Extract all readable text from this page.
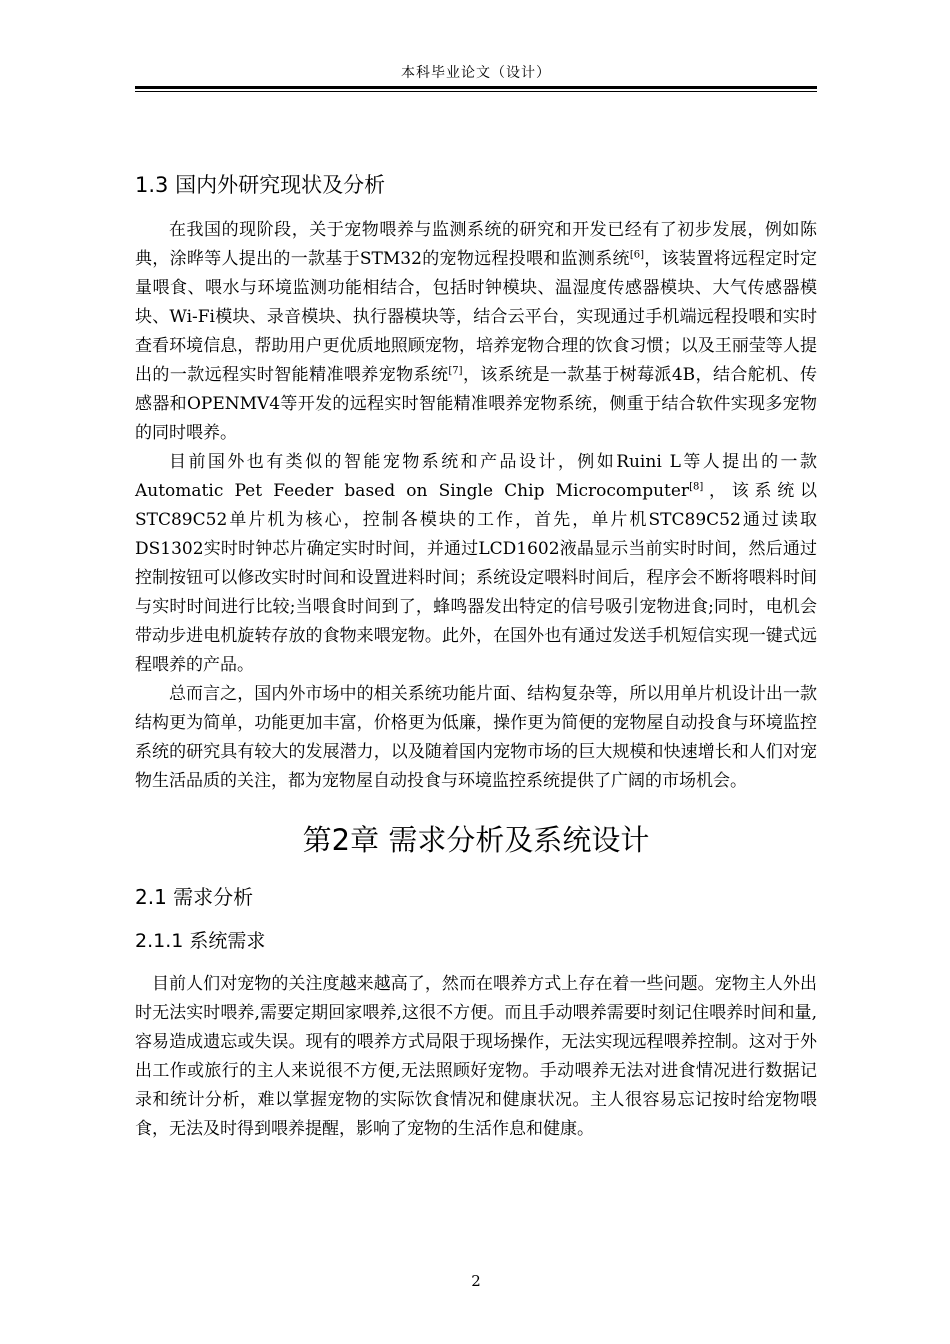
本科毕业论文（设计）
1.3 国内外研究现状及分析

在我国的现阶段，关于宠物喂养与监测系统的研究和开发已经有了初步发展，例如陈典，涂晔等人提出的一款基于STM32的宠物远程投喂和监测系统[6]，该装置将远程定时定量喂食、喂水与环境监测功能相结合，包括时钟模块、温湿度传感器模块、大气传感器模块、Wi-Fi模块、录音模块、执行器模块等，结合云平台，实现通过手机端远程投喂和实时查看环境信息，帮助用户更优质地照顾宠物，培养宠物合理的饮食习惯；以及王丽莹等人提出的一款远程实时智能精准喂养宠物系统[7]，该系统是一款基于树莓派4B，结合舵机、传感器和OPENMV4等开发的远程实时智能精准喂养宠物系统，侧重于结合软件实现多宠物的同时喂养。

目前国外也有类似的智能宠物系统和产品设计，例如Ruini L等人提出的一款Automatic Pet Feeder based on Single Chip Microcomputer[8]，该系统以STC89C52单片机为核心，控制各模块的工作，首先，单片机STC89C52通过读取DS1302实时时钟芯片确定实时时间，并通过LCD1602液晶显示当前实时时间，然后通过控制按钮可以修改实时时间和设置进料时间；系统设定喂料时间后，程序会不断将喂料时间与实时时间进行比较;当喂食时间到了，蜂鸣器发出特定的信号吸引宠物进食;同时，电机会带动步进电机旋转存放的食物来喂宠物。此外，在国外也有通过发送手机短信实现一键式远程喂养的产品。

总而言之，国内外市场中的相关系统功能片面、结构复杂等，所以用单片机设计出一款结构更为简单，功能更加丰富，价格更为低廉，操作更为简便的宠物屋自动投食与环境监控系统的研究具有较大的发展潜力，以及随着国内宠物市场的巨大规模和快速增长和人们对宠物生活品质的关注，都为宠物屋自动投食与环境监控系统提供了广阔的市场机会。

第2章 需求分析及系统设计
2.1 需求分析
2.1.1 系统需求

目前人们对宠物的关注度越来越高了，然而在喂养方式上存在着一些问题。宠物主人外出时无法实时喂养,需要定期回家喂养,这很不方便。而且手动喂养需要时刻记住喂养时间和量,容易造成遗忘或失误。现有的喂养方式局限于现场操作，无法实现远程喂养控制。这对于外出工作或旅行的主人来说很不方便,无法照顾好宠物。手动喂养无法对进食情况进行数据记录和统计分析，难以掌握宠物的实际饮食情况和健康状况。主人很容易忘记按时给宠物喂食，无法及时得到喂养提醒，影响了宠物的生活作息和健康。

2
